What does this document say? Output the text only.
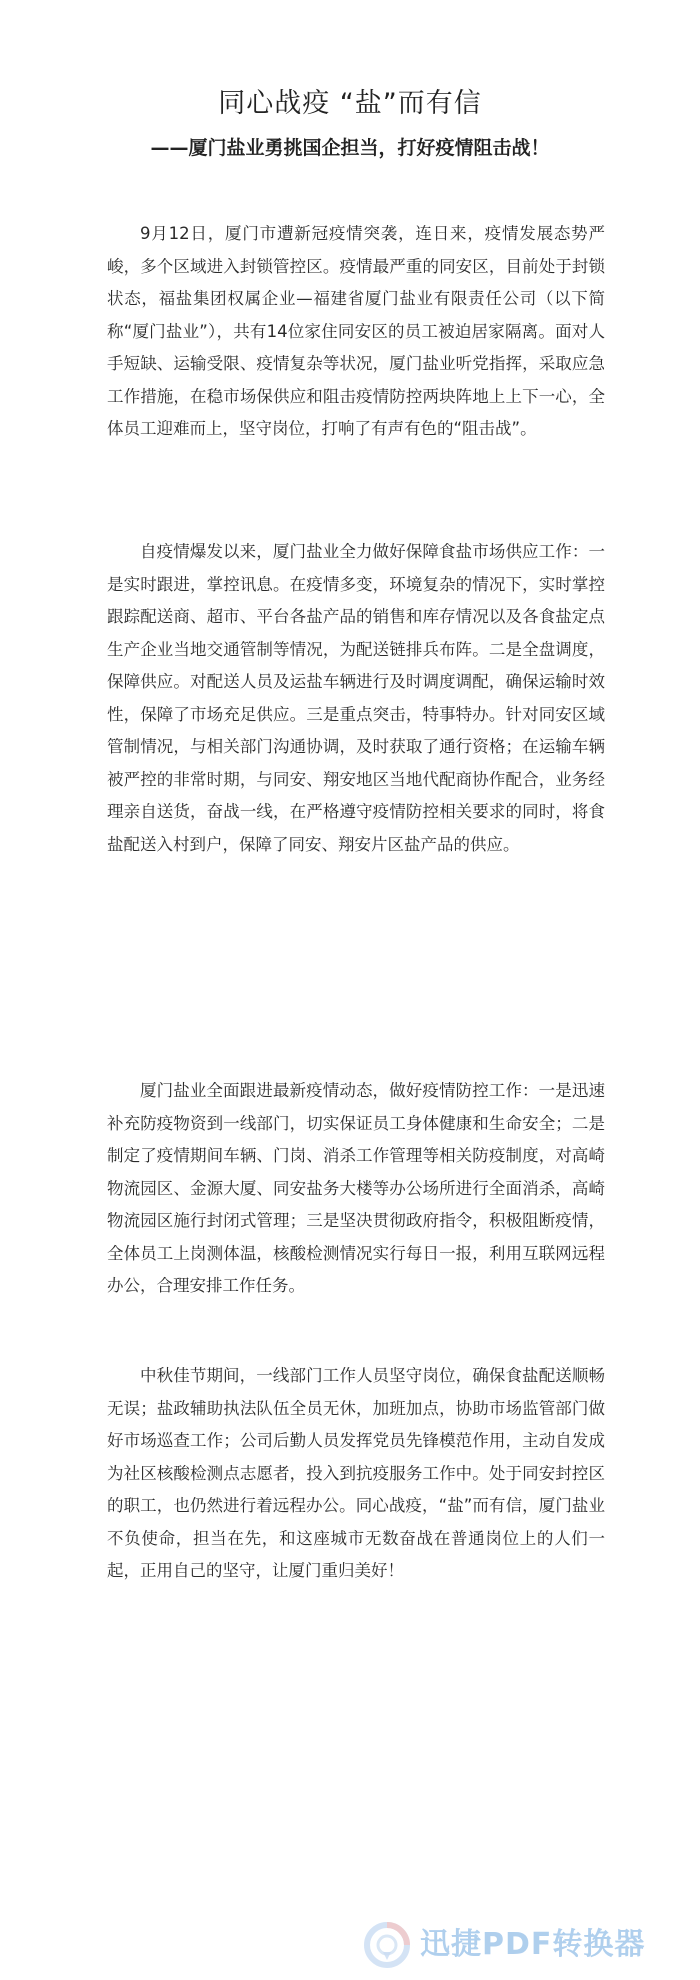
同心战疫 “盐”而有信
——厦门盐业勇挑国企担当，打好疫情阻击战！

9月12日，厦门市遭新冠疫情突袭，连日来，疫情发展态势严峻，多个区域进入封锁管控区。疫情最严重的同安区，目前处于封锁状态，福盐集团权属企业—福建省厦门盐业有限责任公司（以下简称“厦门盐业”），共有14位家住同安区的员工被迫居家隔离。面对人手短缺、运输受限、疫情复杂等状况，厦门盐业听党指挥，采取应急工作措施，在稳市场保供应和阻击疫情防控两块阵地上上下一心，全体员工迎难而上，坚守岗位，打响了有声有色的“阻击战”。

自疫情爆发以来，厦门盐业全力做好保障食盐市场供应工作：一是实时跟进，掌控讯息。在疫情多变，环境复杂的情况下，实时掌控跟踪配送商、超市、平台各盐产品的销售和库存情况以及各食盐定点生产企业当地交通管制等情况，为配送链排兵布阵。二是全盘调度，保障供应。对配送人员及运盐车辆进行及时调度调配，确保运输时效性，保障了市场充足供应。三是重点突击，特事特办。针对同安区域管制情况，与相关部门沟通协调，及时获取了通行资格；在运输车辆被严控的非常时期，与同安、翔安地区当地代配商协作配合，业务经理亲自送货，奋战一线，在严格遵守疫情防控相关要求的同时，将食盐配送入村到户，保障了同安、翔安片区盐产品的供应。

厦门盐业全面跟进最新疫情动态，做好疫情防控工作：一是迅速补充防疫物资到一线部门，切实保证员工身体健康和生命安全；二是制定了疫情期间车辆、门岗、消杀工作管理等相关防疫制度，对高崎物流园区、金源大厦、同安盐务大楼等办公场所进行全面消杀，高崎物流园区施行封闭式管理；三是坚决贯彻政府指令，积极阻断疫情，全体员工上岗测体温，核酸检测情况实行每日一报，利用互联网远程办公，合理安排工作任务。

中秋佳节期间，一线部门工作人员坚守岗位，确保食盐配送顺畅无误；盐政辅助执法队伍全员无休，加班加点，协助市场监管部门做好市场巡查工作；公司后勤人员发挥党员先锋模范作用，主动自发成为社区核酸检测点志愿者，投入到抗疫服务工作中。处于同安封控区的职工，也仍然进行着远程办公。同心战疫，“盐”而有信，厦门盐业不负使命，担当在先，和这座城市无数奋战在普通岗位上的人们一起，正用自己的坚守，让厦门重归美好！

迅捷PDF转换器
